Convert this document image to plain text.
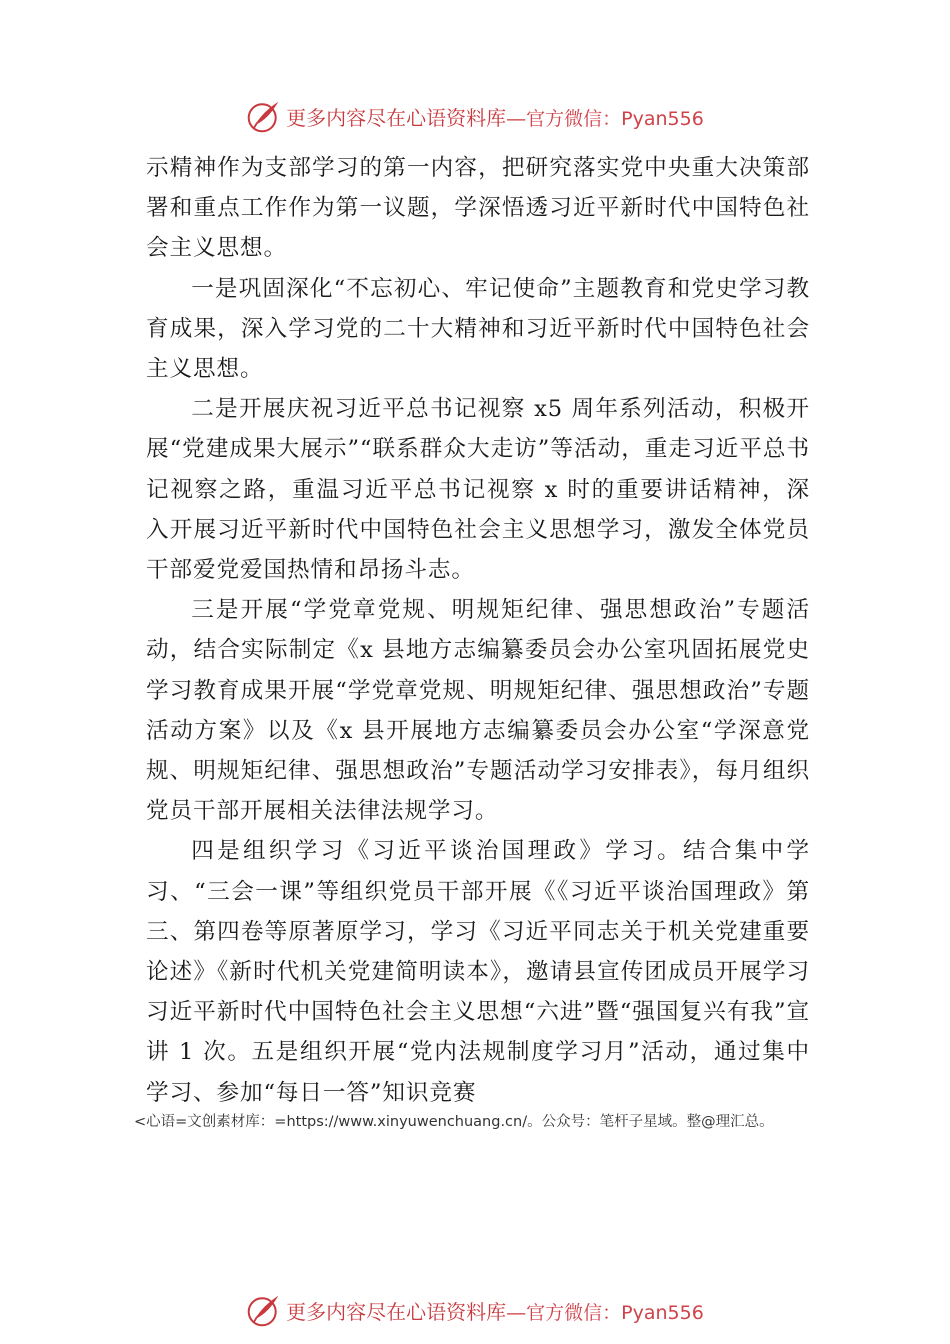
更多内容尽在心语资料库—官方微信：Pyan556

示精神作为支部学习的第一内容，把研究落实党中央重大决策部署和重点工作作为第一议题，学深悟透习近平新时代中国特色社会主义思想。

一是巩固深化“不忘初心、牢记使命”主题教育和党史学习教育成果，深入学习党的二十大精神和习近平新时代中国特色社会主义思想。

二是开展庆祝习近平总书记视察 x5 周年系列活动，积极开展“党建成果大展示”“联系群众大走访”等活动，重走习近平总书记视察之路，重温习近平总书记视察 x 时的重要讲话精神，深入开展习近平新时代中国特色社会主义思想学习，激发全体党员干部爱党爱国热情和昂扬斗志。

三是开展“学党章党规、明规矩纪律、强思想政治”专题活动，结合实际制定《x 县地方志编纂委员会办公室巩固拓展党史学习教育成果开展“学党章党规、明规矩纪律、强思想政治”专题活动方案》以及《x 县开展地方志编纂委员会办公室“学深意党规、明规矩纪律、强思想政治”专题活动学习安排表》，每月组织党员干部开展相关法律法规学习。

四是组织学习《习近平谈治国理政》学习。结合集中学习、“三会一课”等组织党员干部开展《《习近平谈治国理政》第三、第四卷等原著原学习，学习《习近平同志关于机关党建重要论述》《新时代机关党建简明读本》，邀请县宣传团成员开展学习习近平新时代中国特色社会主义思想“六进”暨“强国复兴有我”宣讲 1 次。五是组织开展“党内法规制度学习月”活动，通过集中学习、参加“每日一答”知识竞赛

<心语=文创素材库：=https://www.xinyuwenchuang.cn/。公众号：笔杆子星域。整@理汇总。
更多内容尽在心语资料库—官方微信：Pyan556
